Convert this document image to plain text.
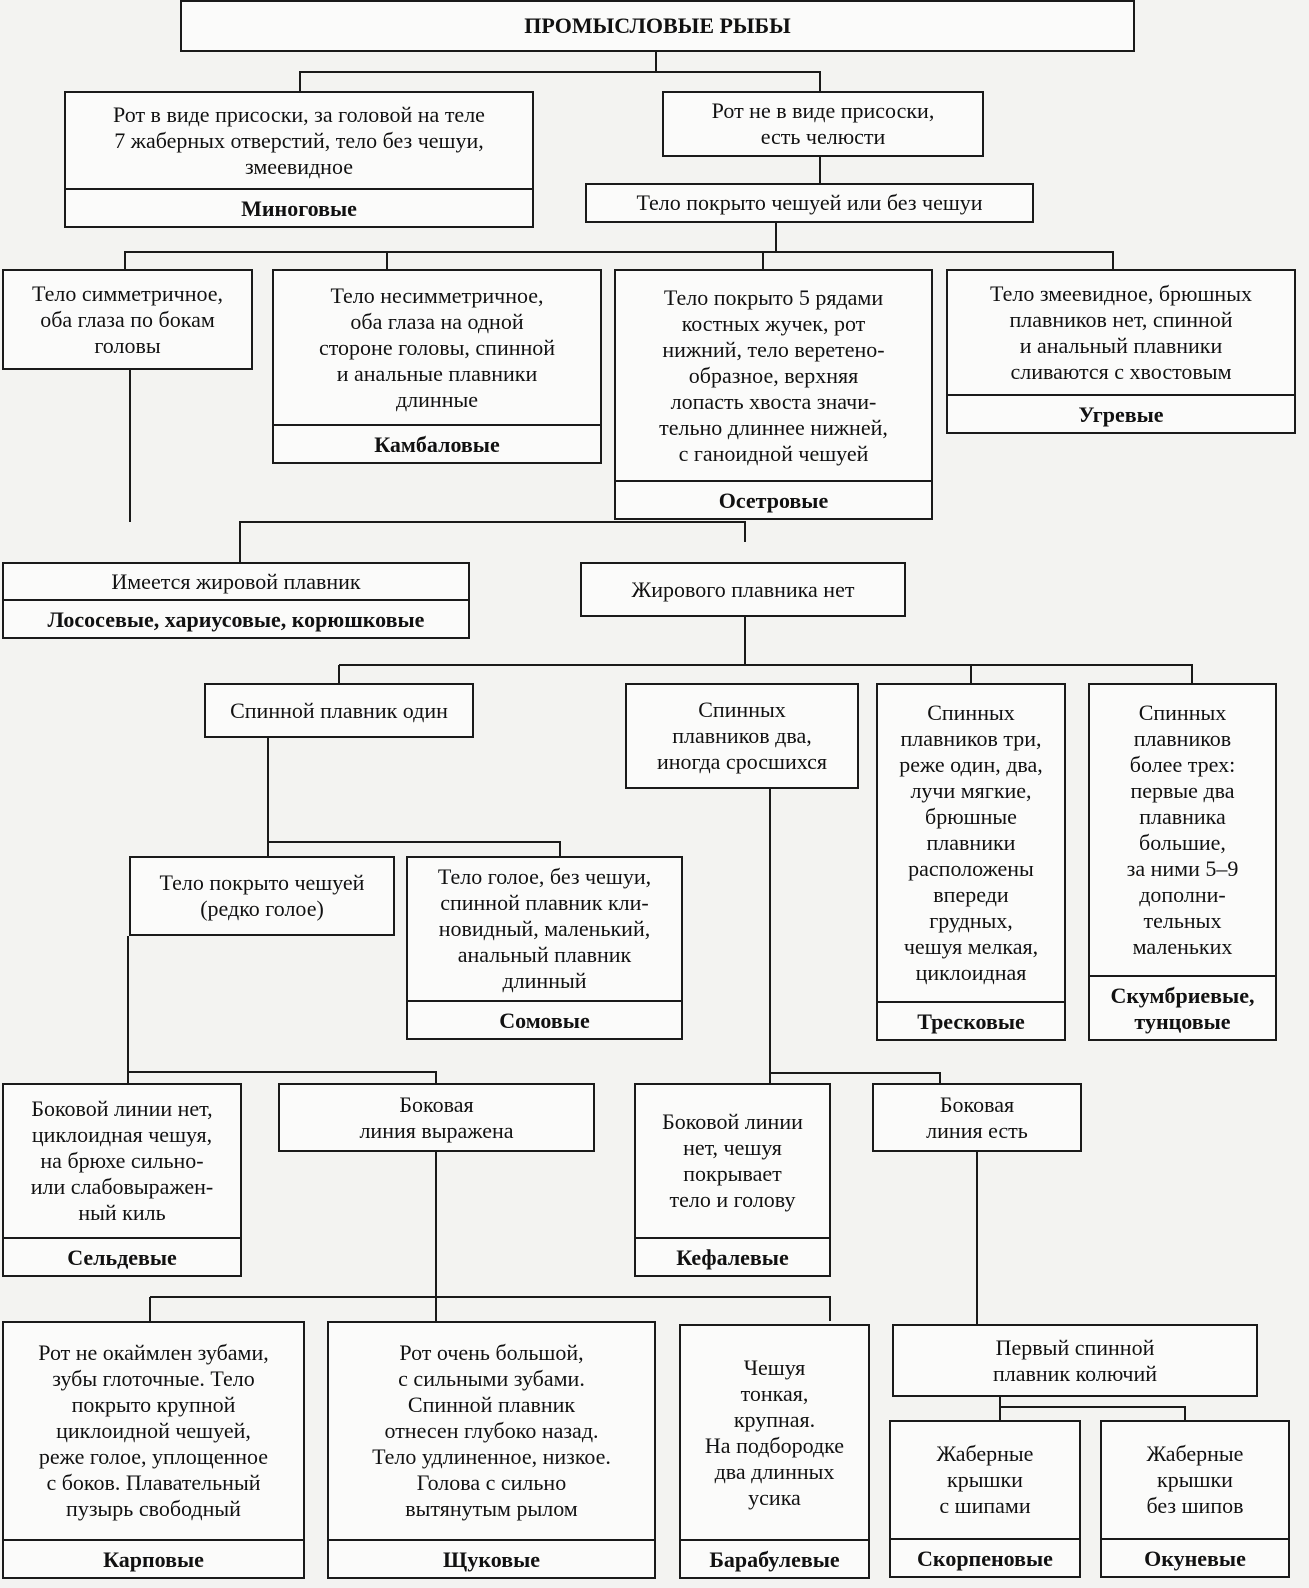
ПРОМЫСЛОВЫЕ РЫБЫ
Рот в виде присоски, за головой на теле
7 жаберных отверстий, тело без чешуи,
змеевидное
Миноговые
Рот не в виде присоски,
есть челюсти
Тело покрыто чешуей или без чешуи
Тело симметричное,
оба глаза по бокам
головы
Тело несимметричное,
оба глаза на одной
стороне головы, спинной
и анальные плавники
длинные
Камбаловые
Тело покрыто 5 рядами
костных жучек, рот
нижний, тело веретено-
образное, верхняя
лопасть хвоста значи-
тельно длиннее нижней,
с ганоидной чешуей
Осетровые
Тело змеевидное, брюшных
плавников нет, спинной
и анальный плавники
сливаются с хвостовым
Угревые
Имеется жировой плавник
Лососевые, хариусовые, корюшковые
Жирового плавника нет
Спинной плавник один	Спинных
плавников два,
иногда сросшихся
Спинных
плавников три,
реже один, два,
лучи мягкие,
брюшные
плавники
расположены
впереди
грудных,
чешуя мелкая,
циклоидная
Тресковые
Спинных
плавников
более трех:
первые два
плавника
большие,
за ними 5–9
дополни-
тельных
маленьких
Скумбриевые, тунцовые
Тело покрыто чешуей
(редко голое)
Тело голое, без чешуи,
спинной плавник кли-
новидный, маленький,
анальный плавник
длинный
Сомовые
Боковой линии нет,
циклоидная чешуя,
на брюхе сильно-
или слабовыражен-
ный киль
Сельдевые
Боковая
линия выражена	Боковой линии
нет, чешуя
покрывает
тело и голову
Кефалевые
Боковая
линия есть
Рот не окаймлен зубами,
зубы глоточные. Тело
покрыто крупной
циклоидной чешуей,
реже голое, уплощенное
с боков. Плавательный
пузырь свободный
Карповые
Рот очень большой,
с сильными зубами.
Спинной плавник
отнесен глубоко назад.
Тело удлиненное, низкое.
Голова с сильно
вытянутым рылом
Щуковые
Чешуя
тонкая,
крупная.
На подбородке
два длинных
усика
Барабулевые
Первый спинной
плавник колючий
Жаберные
крышки
с шипами
Скорпеновые
Жаберные
крышки
без шипов
Окуневые
